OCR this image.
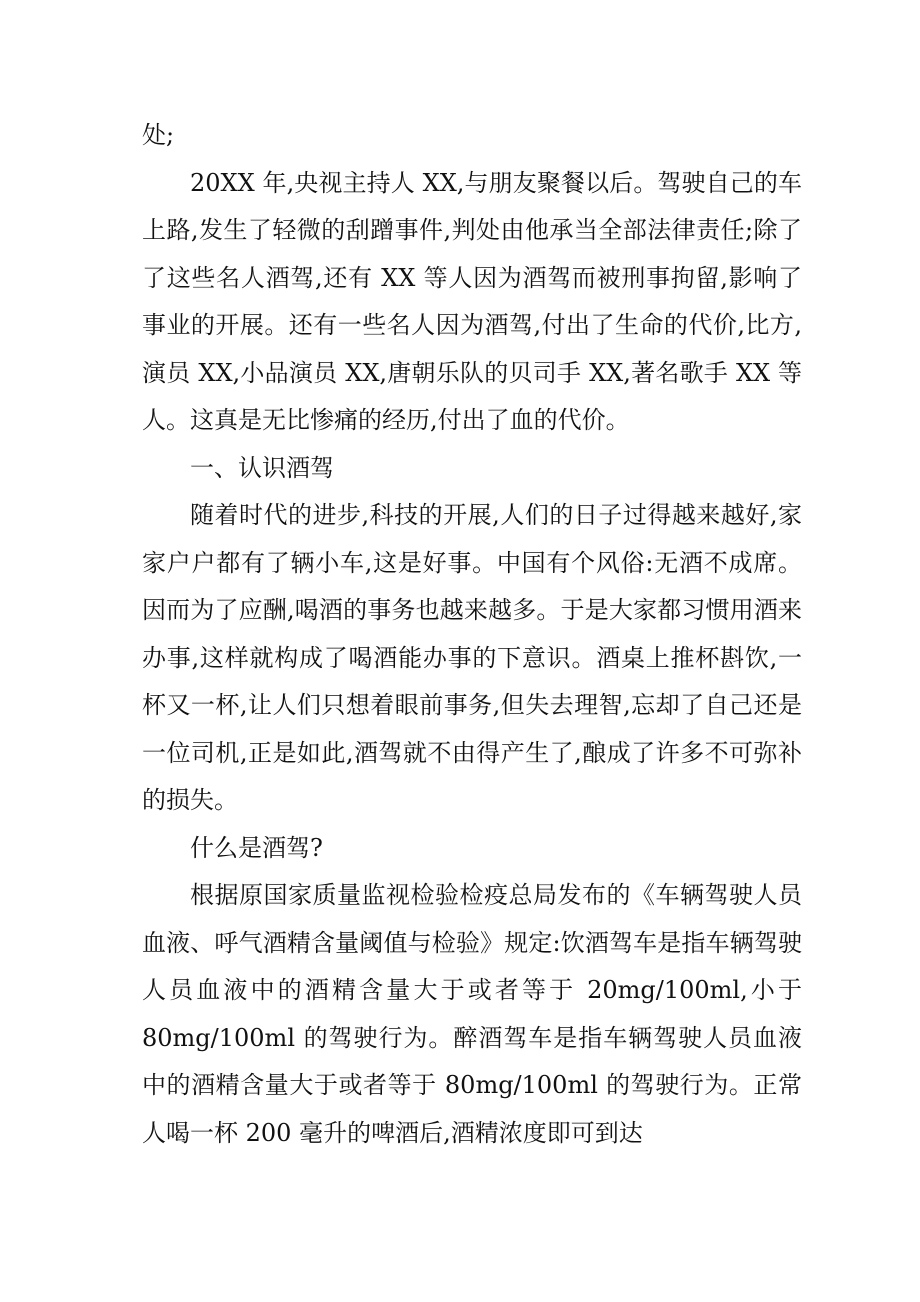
处;

20XX 年,央视主持人 XX,与朋友聚餐以后。驾驶自己的车上路,发生了轻微的刮蹭事件,判处由他承当全部法律责任;除了了这些名人酒驾,还有 XX 等人因为酒驾而被刑事拘留,影响了事业的开展。还有一些名人因为酒驾,付出了生命的代价,比方,演员 XX,小品演员 XX,唐朝乐队的贝司手 XX,著名歌手 XX 等人。这真是无比惨痛的经历,付出了血的代价。

一、认识酒驾

随着时代的进步,科技的开展,人们的日子过得越来越好,家家户户都有了辆小车,这是好事。中国有个风俗:无酒不成席。因而为了应酬,喝酒的事务也越来越多。于是大家都习惯用酒来办事,这样就构成了喝酒能办事的下意识。酒桌上推杯斟饮,一杯又一杯,让人们只想着眼前事务,但失去理智,忘却了自己还是一位司机,正是如此,酒驾就不由得产生了,酿成了许多不可弥补的损失。

什么是酒驾?

根据原国家质量监视检验检疫总局发布的《车辆驾驶人员血液、呼气酒精含量阈值与检验》规定:饮酒驾车是指车辆驾驶人员血液中的酒精含量大于或者等于 20mg/100ml,小于 80mg/100ml 的驾驶行为。醉酒驾车是指车辆驾驶人员血液中的酒精含量大于或者等于 80mg/100ml 的驾驶行为。正常人喝一杯 200 毫升的啤酒后,酒精浓度即可到达
